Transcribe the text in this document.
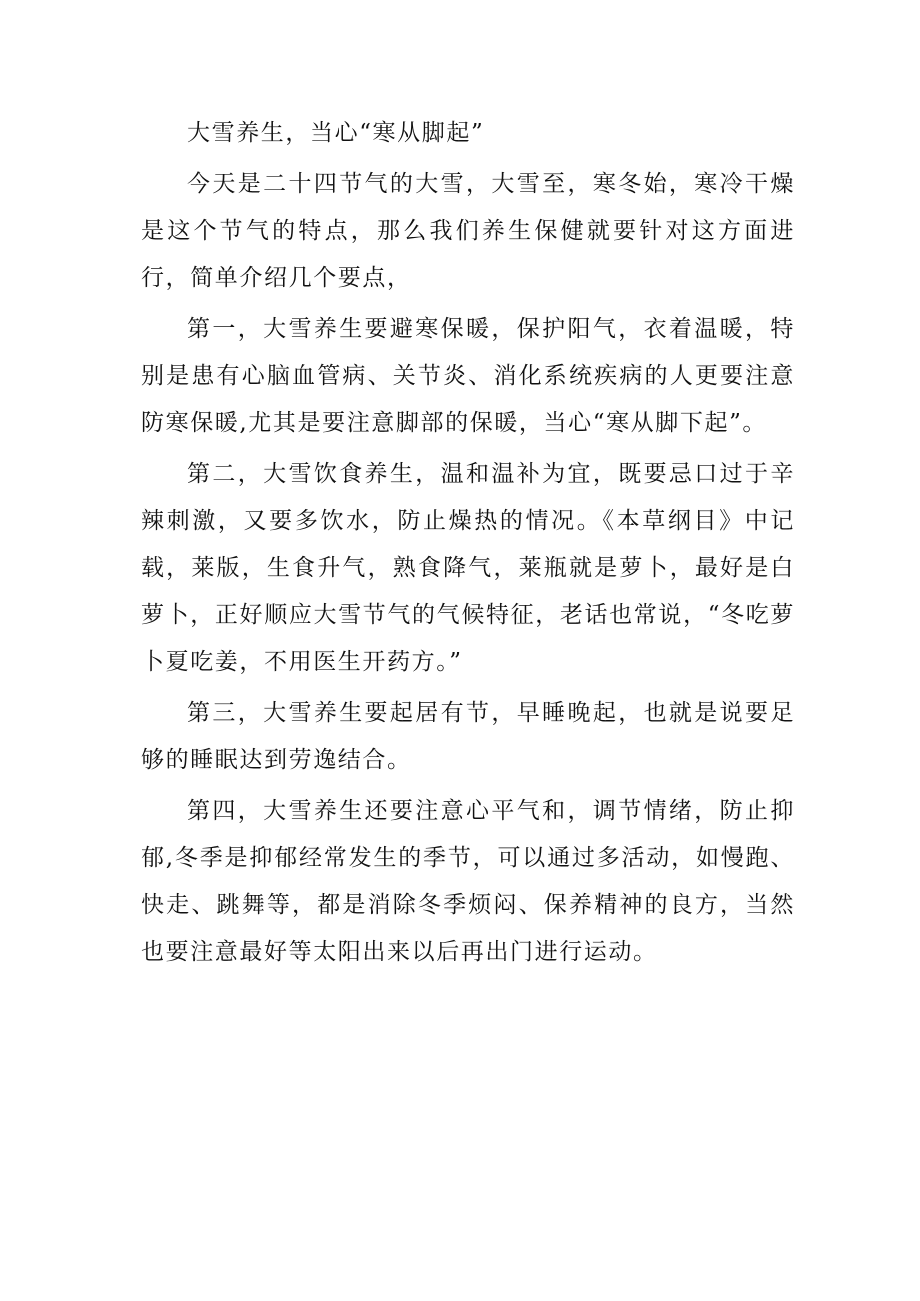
大雪养生，当心“寒从脚起”

今天是二十四节气的大雪，大雪至，寒冬始，寒冷干燥是这个节气的特点，那么我们养生保健就要针对这方面进行，简单介绍几个要点，

第一，大雪养生要避寒保暖，保护阳气，衣着温暖，特别是患有心脑血管病、关节炎、消化系统疾病的人更要注意防寒保暖,尤其是要注意脚部的保暖，当心“寒从脚下起”。

第二，大雪饮食养生，温和温补为宜，既要忌口过于辛辣刺激，又要多饮水，防止燥热的情况。《本草纲目》中记载，莱版，生食升气，熟食降气，莱瓶就是萝卜，最好是白萝卜，正好顺应大雪节气的气候特征，老话也常说，“冬吃萝卜夏吃姜，不用医生开药方。”

第三，大雪养生要起居有节，早睡晚起，也就是说要足够的睡眠达到劳逸结合。

第四，大雪养生还要注意心平气和，调节情绪，防止抑郁,冬季是抑郁经常发生的季节，可以通过多活动，如慢跑、快走、跳舞等，都是消除冬季烦闷、保养精神的良方，当然也要注意最好等太阳出来以后再出门进行运动。
